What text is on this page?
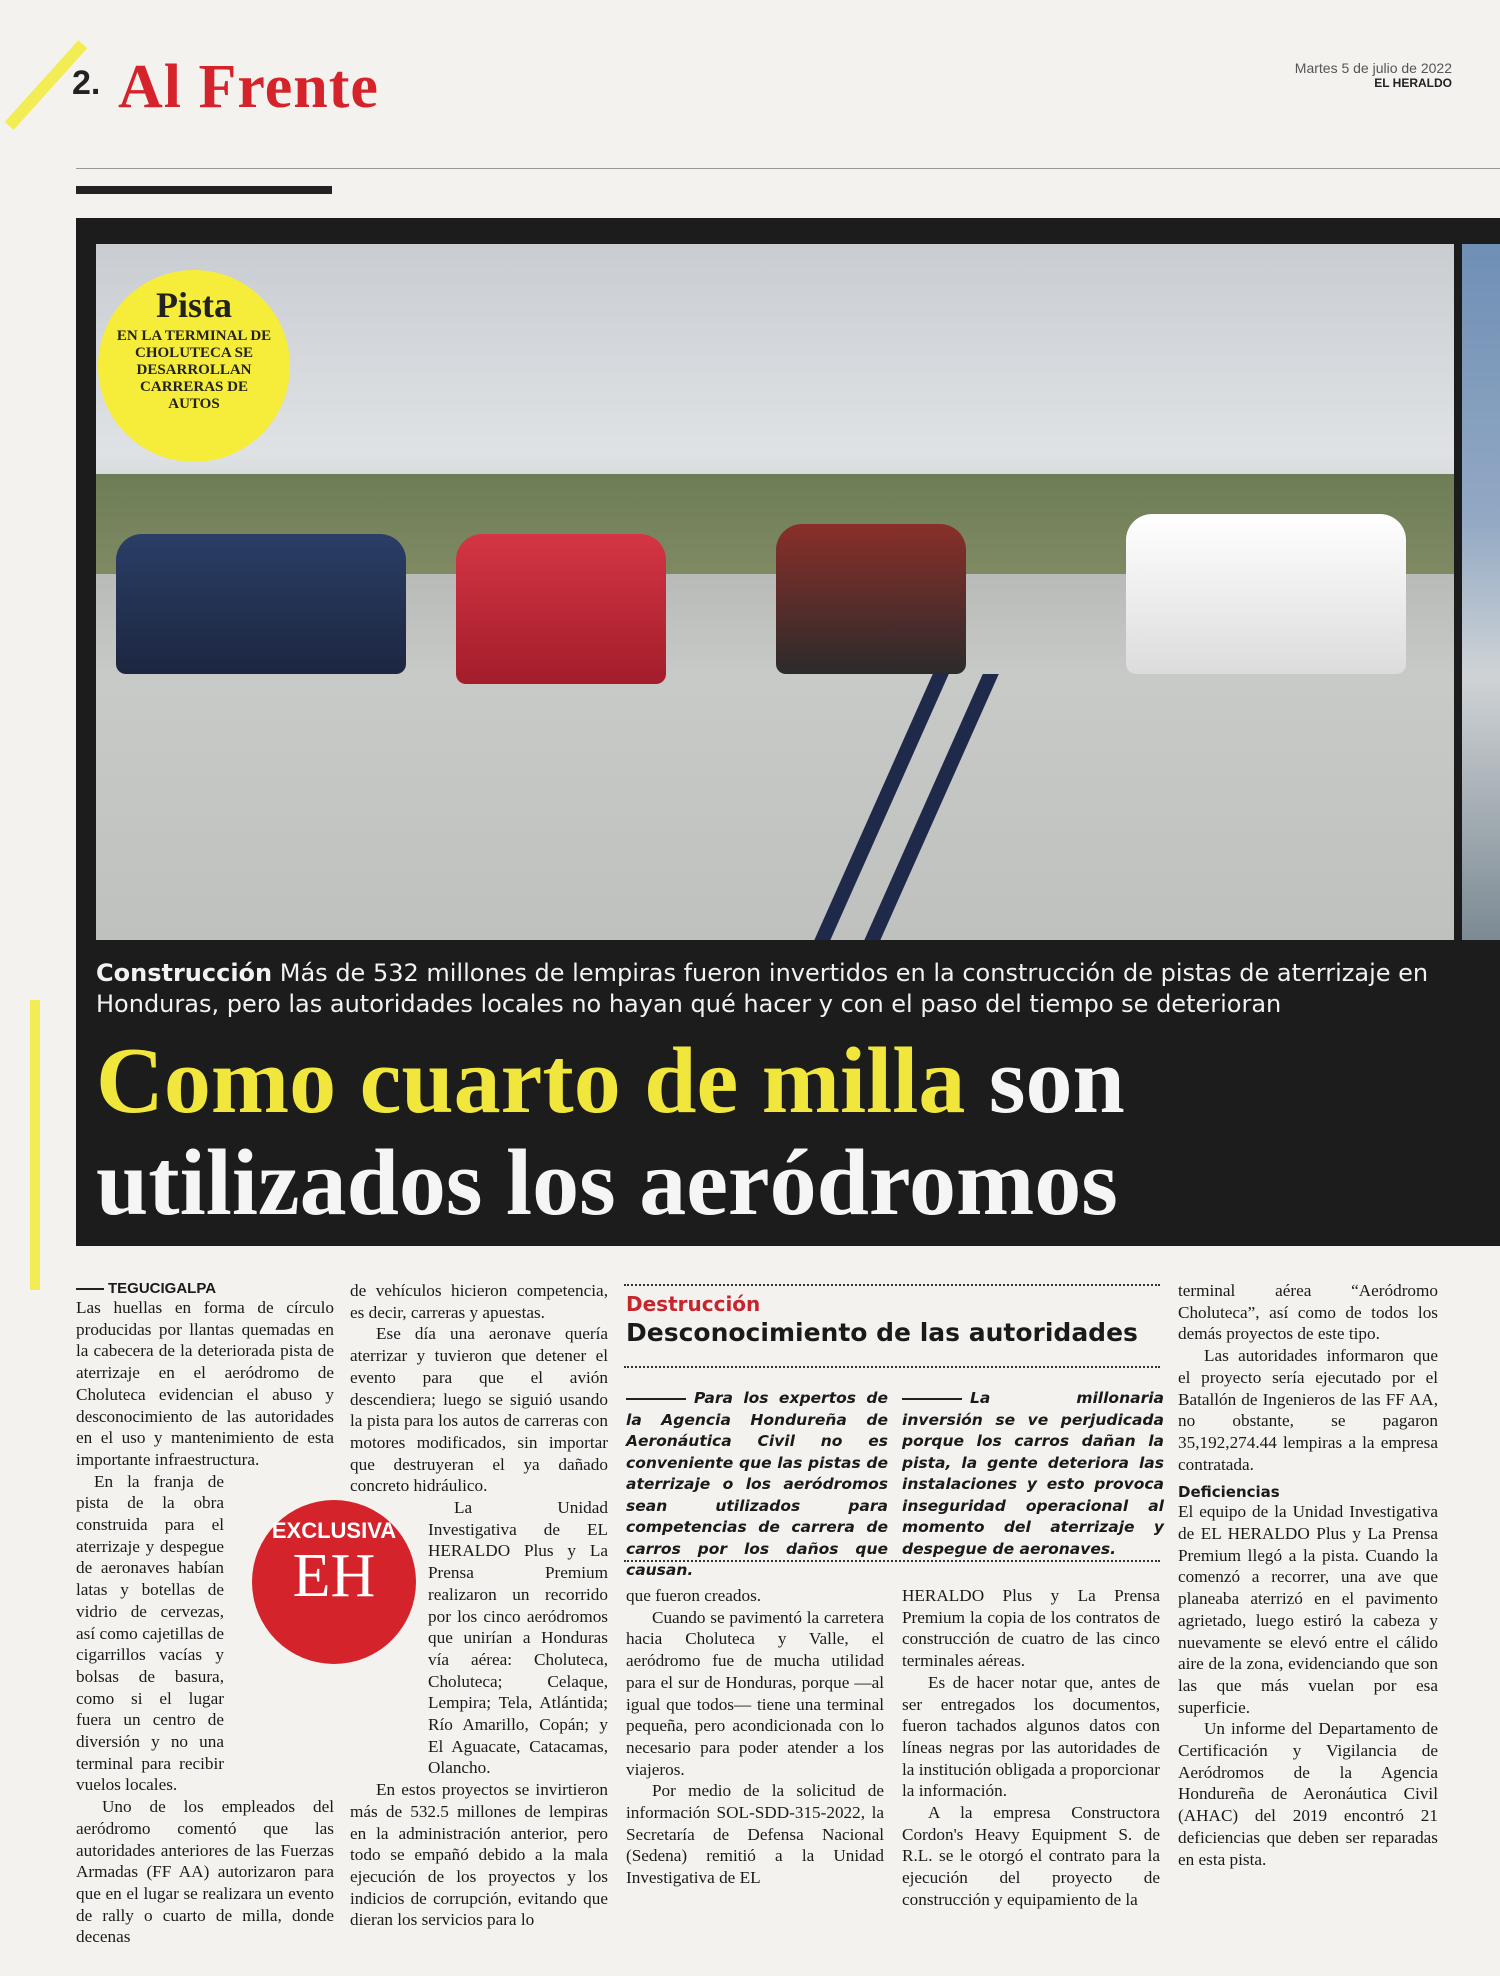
2. Al Frente	Martes 5 de julio de 2022
EL HERALDO
Pista
EN LA TERMINAL DE CHOLUTECA SE DESARROLLAN CARRERAS DE AUTOS
Construcción Más de 532 millones de lempiras fueron invertidos en la construcción de pistas de aterrizaje en Honduras, pero las autoridades locales no hayan qué hacer y con el paso del tiempo se deterioran
Como cuarto de milla son utilizados los aeródromos
TEGUCIGALPA

Las huellas en forma de círculo producidas por llantas quemadas en la cabecera de la deteriorada pista de aterrizaje en el aeródromo de Choluteca evidencian el abuso y desconocimiento de las autoridades en el uso y mantenimiento de esta importante infraestructura.

En la franja de pista de la obra construida para el aterrizaje y despegue de aeronaves habían latas y botellas de vidrio de cervezas, así como cajetillas de cigarrillos vacías y bolsas de basura, como si el lugar fuera un centro de diversión y no una terminal para recibir vuelos locales.

Uno de los empleados del aeródromo comentó que las autoridades anteriores de las Fuerzas Armadas (FF AA) autorizaron para que en el lugar se realizara un evento de rally o cuarto de milla, donde decenas

de vehículos hicieron competencia, es decir, carreras y apuestas.

Ese día una aeronave quería aterrizar y tuvieron que detener el evento para que el avión descendiera; luego se siguió usando la pista para los autos de carreras con motores modificados, sin importar que destruyeran el ya dañado concreto hidráulico.

La Unidad Investigativa de EL HERALDO Plus y La Prensa Premium realizaron un recorrido por los cinco aeródromos que unirían a Honduras vía aérea: Choluteca, Choluteca; Celaque, Lempira; Tela, Atlántida; Río Amarillo, Copán; y El Aguacate, Catacamas, Olancho.

En estos proyectos se invirtieron más de 532.5 millones de lempiras en la administración anterior, pero todo se empañó debido a la mala ejecución de los proyectos y los indicios de corrupción, evitando que dieran los servicios para lo

EXCLUSIVA
EH
Destrucción
Desconocimiento de las autoridades
Para los expertos de la Agencia Hondureña de Aeronáutica Civil no es conveniente que las pistas de aterrizaje o los aeródromos sean utilizados para competencias de carrera de carros por los daños que causan.
La millonaria inversión se ve perjudicada porque los carros dañan la pista, la gente deteriora las instalaciones y esto provoca inseguridad operacional al momento del aterrizaje y despegue de aeronaves.

que fueron creados.

Cuando se pavimentó la carretera hacia Choluteca y Valle, el aeródromo fue de mucha utilidad para el sur de Honduras, porque —al igual que todos— tiene una terminal pequeña, pero acondicionada con lo necesario para poder atender a los viajeros.

Por medio de la solicitud de información SOL-SDD-315-2022, la Secretaría de Defensa Nacional (Sedena) remitió a la Unidad Investigativa de EL

HERALDO Plus y La Prensa Premium la copia de los contratos de construcción de cuatro de las cinco terminales aéreas.

Es de hacer notar que, antes de ser entregados los documentos, fueron tachados algunos datos con líneas negras por las autoridades de la institución obligada a proporcionar la información.

A la empresa Constructora Cordon's Heavy Equipment S. de R.L. se le otorgó el contrato para la ejecución del proyecto de construcción y equipamiento de la

terminal aérea “Aeródromo Choluteca”, así como de todos los demás proyectos de este tipo.

Las autoridades informaron que el proyecto sería ejecutado por el Batallón de Ingenieros de las FF AA, no obstante, se pagaron 35,192,274.44 lempiras a la empresa contratada.

Deficiencias

El equipo de la Unidad Investigativa de EL HERALDO Plus y La Prensa Premium llegó a la pista. Cuando la comenzó a recorrer, una ave que planeaba aterrizó en el pavimento agrietado, luego estiró la cabeza y nuevamente se elevó entre el cálido aire de la zona, evidenciando que son las que más vuelan por esa superficie.

Un informe del Departamento de Certificación y Vigilancia de Aeródromos de la Agencia Hondureña de Aeronáutica Civil (AHAC) del 2019 encontró 21 deficiencias que deben ser reparadas en esta pista.
